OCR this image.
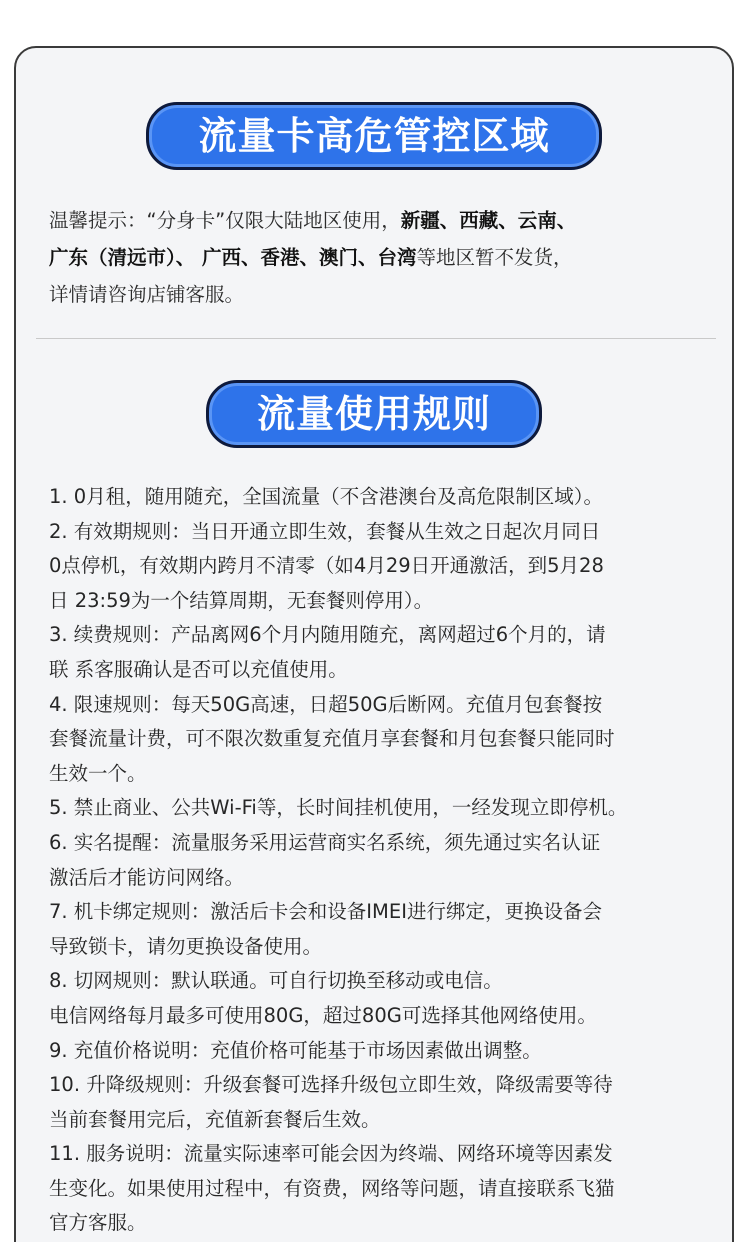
流量卡高危管控区域
温馨提示：“分身卡”仅限大陆地区使用，新疆、西藏、云南、
广东（清远市）、 广西、香港、澳门、台湾等地区暂不发货，
详情请咨询店铺客服。
流量使用规则
1. 0月租，随用随充，全国流量（不含港澳台及高危限制区域）。
2. 有效期规则：当日开通立即生效，套餐从生效之日起次月同日
0点停机，有效期内跨月不清零（如4月29日开通激活，到5月28
日 23:59为一个结算周期，无套餐则停用）。
3. 续费规则：产品离网6个月内随用随充，离网超过6个月的，请
联 系客服确认是否可以充值使用。
4. 限速规则：每天50G高速，日超50G后断网。充值月包套餐按
套餐流量计费，可不限次数重复充值月享套餐和月包套餐只能同时
生效一个。
5. 禁止商业、公共Wi-Fi等，长时间挂机使用，一经发现立即停机。
6. 实名提醒：流量服务采用运营商实名系统，须先通过实名认证
激活后才能访问网络。
7. 机卡绑定规则：激活后卡会和设备IMEI进行绑定，更换设备会
导致锁卡，请勿更换设备使用。
8. 切网规则：默认联通。可自行切换至移动或电信。
电信网络每月最多可使用80G，超过80G可选择其他网络使用。
9. 充值价格说明：充值价格可能基于市场因素做出调整。
10. 升降级规则：升级套餐可选择升级包立即生效，降级需要等待
当前套餐用完后，充值新套餐后生效。
11. 服务说明：流量实际速率可能会因为终端、网络环境等因素发
生变化。如果使用过程中，有资费，网络等问题，请直接联系飞猫
官方客服。
